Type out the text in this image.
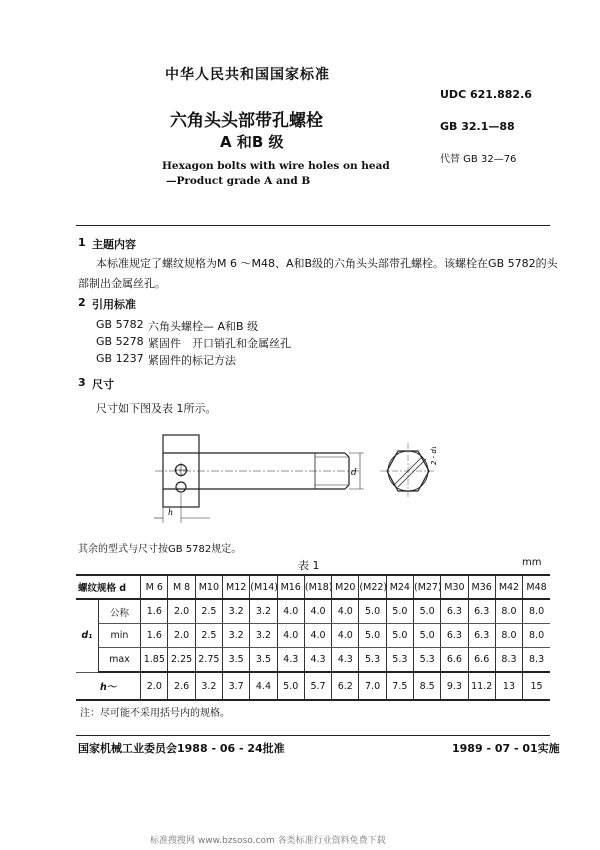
中华人民共和国国家标准
UDC 621.882.6
GB 32.1—88
代替 GB 32—76
六角头头部带孔螺栓
A 和B 级
Hexagon bolts with wire holes on head
—Product grade A and B
1 主题内容
本标准规定了螺纹规格为M 6 ～M48、A和B级的六角头头部带孔螺栓。该螺栓在GB 5782的头
部制出金属丝孔。
2 引用标准
GB 5782 六角头螺栓— A和B 级
GB 5278 紧固件　开口销孔和金属丝孔
GB 1237 紧固件的标记方法
3 尺寸
尺寸如下图及表 1所示。
d
h
2 - d₁
其余的型式与尺寸按GB 5782规定。
表 1	mm
螺纹规格 d		M 6	M 8	M10	M12	(M14)	M16	(M18)	M20	(M22)	M24	(M27)	M30	M36	M42	M48
d₁	公称	1.6	2.0	2.5	3.2	3.2	4.0	4.0	4.0	5.0	5.0	5.0	6.3	6.3	8.0	8.0
	min	1.6	2.0	2.5	3.2	3.2	4.0	4.0	4.0	5.0	5.0	5.0	6.3	6.3	8.0	8.0
	max	1.85	2.25	2.75	3.5	3.5	4.3	4.3	4.3	5.3	5.3	5.3	6.6	6.6	8.3	8.3
h～		2.0	2.6	3.2	3.7	4.4	5.0	5.7	6.2	7.0	7.5	8.5	9.3	11.2	13	15
注：尽可能不采用括号内的规格。
国家机械工业委员会1988 - 06 - 24批准	1989 - 07 - 01实施
标准搜搜网 www.bzsoso.com 各类标准行业资料免费下载
